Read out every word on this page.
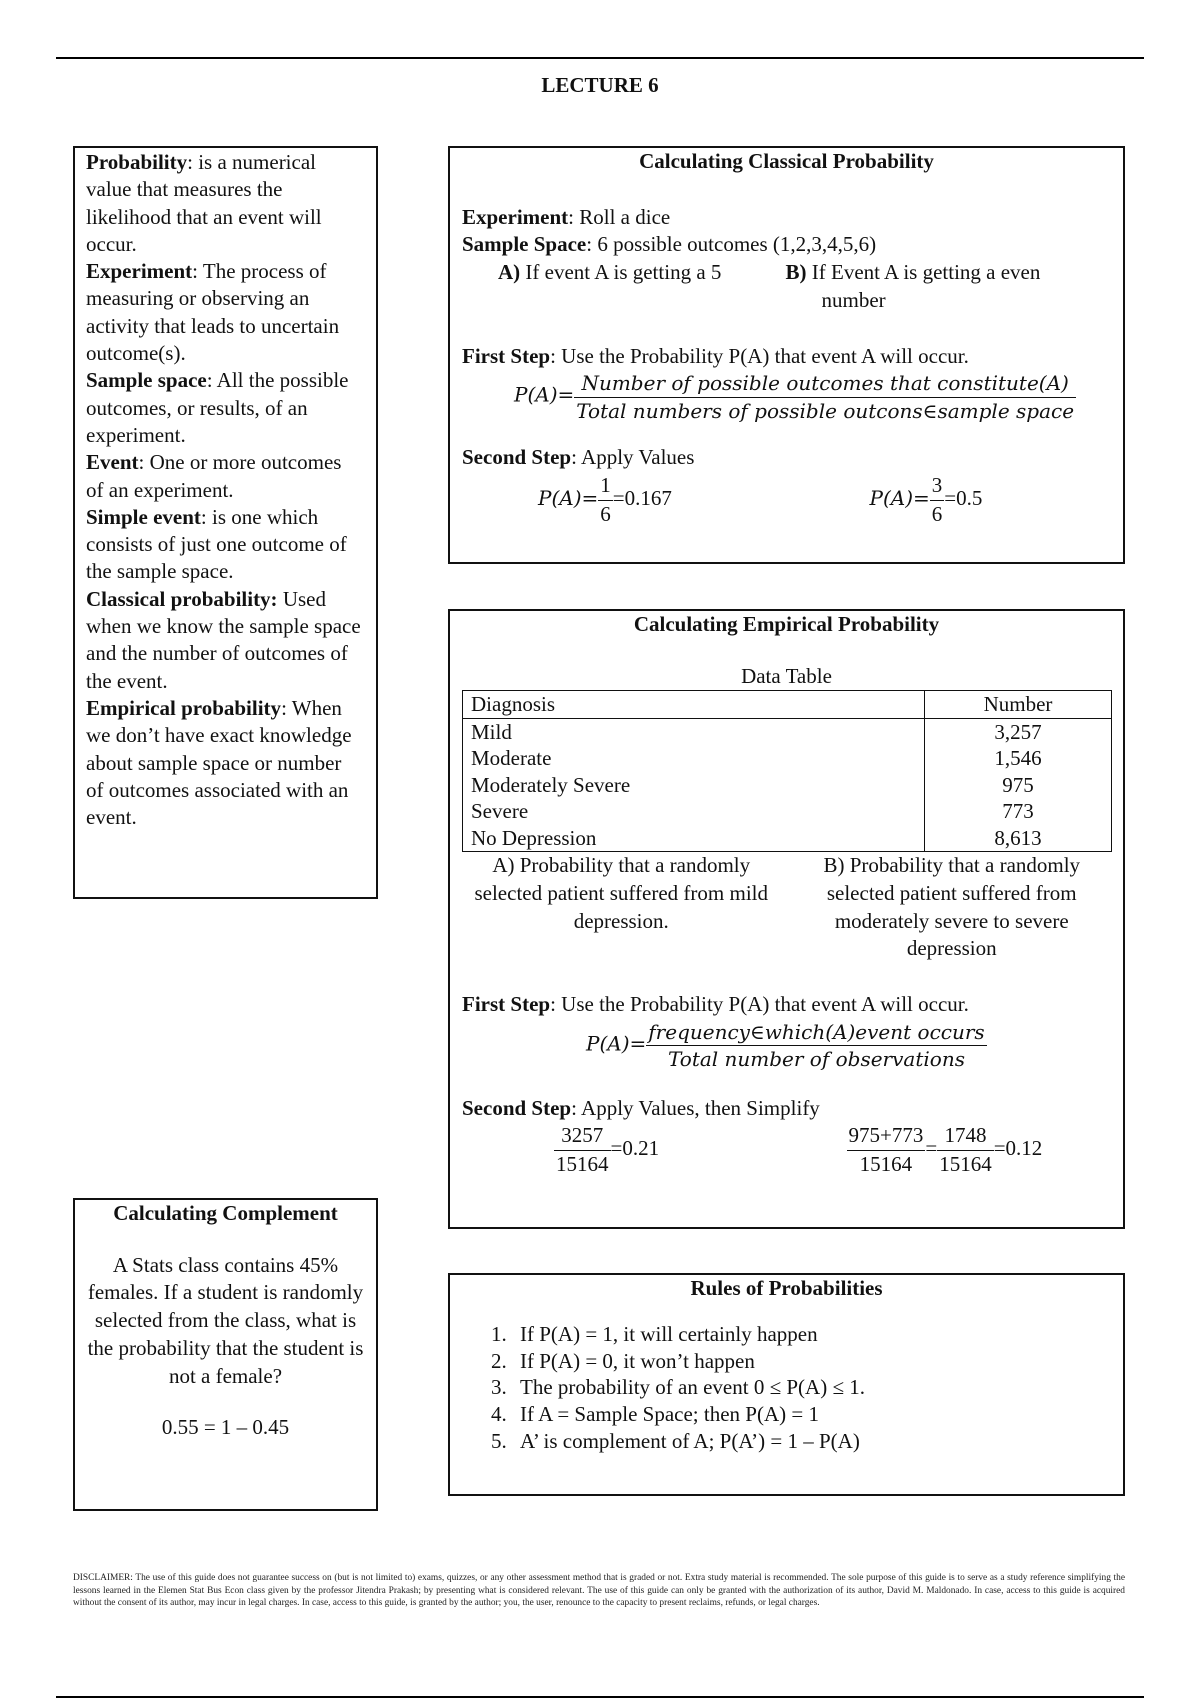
LECTURE 6

Probability: is a numerical value that measures the likelihood that an event will occur.

Experiment: The process of measuring or observing an activity that leads to uncertain outcome(s).

Sample space: All the possible outcomes, or results, of an experiment.

Event: One or more outcomes of an experiment.

Simple event: is one which consists of just one outcome of the sample space.

Classical probability: Used when we know the sample space and the number of outcomes of the event.

Empirical probability: When we don’t have exact knowledge about sample space or number of outcomes associated with an event.

Calculating Classical Probability

Experiment: Roll a dice

Sample Space: 6 possible outcomes (1,2,3,4,5,6)

A) If event A is getting a 5	B) If Event A is getting a even number

First Step: Use the Probability P(A) that event A will occur.

$P(A)= \frac{\text{Number of possible outcomes that constitute(A)}}{\text{Total numbers of possible outcons∈sample space}}$

Second Step: Apply Values

$P(A)= \frac{1}{6} =0.167$	$P(A)= \frac{3}{6} =0.5$
Calculating Empirical Probability
Data Table
Diagnosis	Number
Mild	3,257
Moderate	1,546
Moderately Severe	975
Severe	773
No Depression	8,613
A) Probability that a randomly selected patient suffered from mild depression.
B) Probability that a randomly selected patient suffered from moderately severe to severe depression

First Step: Use the Probability P(A) that event A will occur.

$P(A)= \frac{\text{frequency∈which(A)event occurs}}{\text{Total number of observations}}$

Second Step: Apply Values, then Simplify

$\frac{3257}{15164} =0.21$	$\frac{975+773}{15164} = \frac{1748}{15164} =0.12$
Calculating Complement
A Stats class contains 45% females. If a student is randomly selected from the class, what is the probability that the student is not a female?
0.55 = 1 – 0.45
Rules of Probabilities
1. If P(A) = 1, it will certainly happen
2. If P(A) = 0, it won’t happen
3. The probability of an event 0 ≤ P(A) ≤ 1.
4. If A = Sample Space; then P(A) = 1
5. A’ is complement of A; P(A’) = 1 – P(A)
DISCLAIMER: The use of this guide does not guarantee success on (but is not limited to) exams, quizzes, or any other assessment method that is graded or not. Extra study material is recommended. The sole purpose of this guide is to serve as a study reference simplifying the lessons learned in the Elemen Stat Bus Econ class given by the professor Jitendra Prakash; by presenting what is considered relevant. The use of this guide can only be granted with the authorization of its author, David M. Maldonado. In case, access to this guide is acquired without the consent of its author, may incur in legal charges. In case, access to this guide, is granted by the author; you, the user, renounce to the capacity to present reclaims, refunds, or legal charges.
